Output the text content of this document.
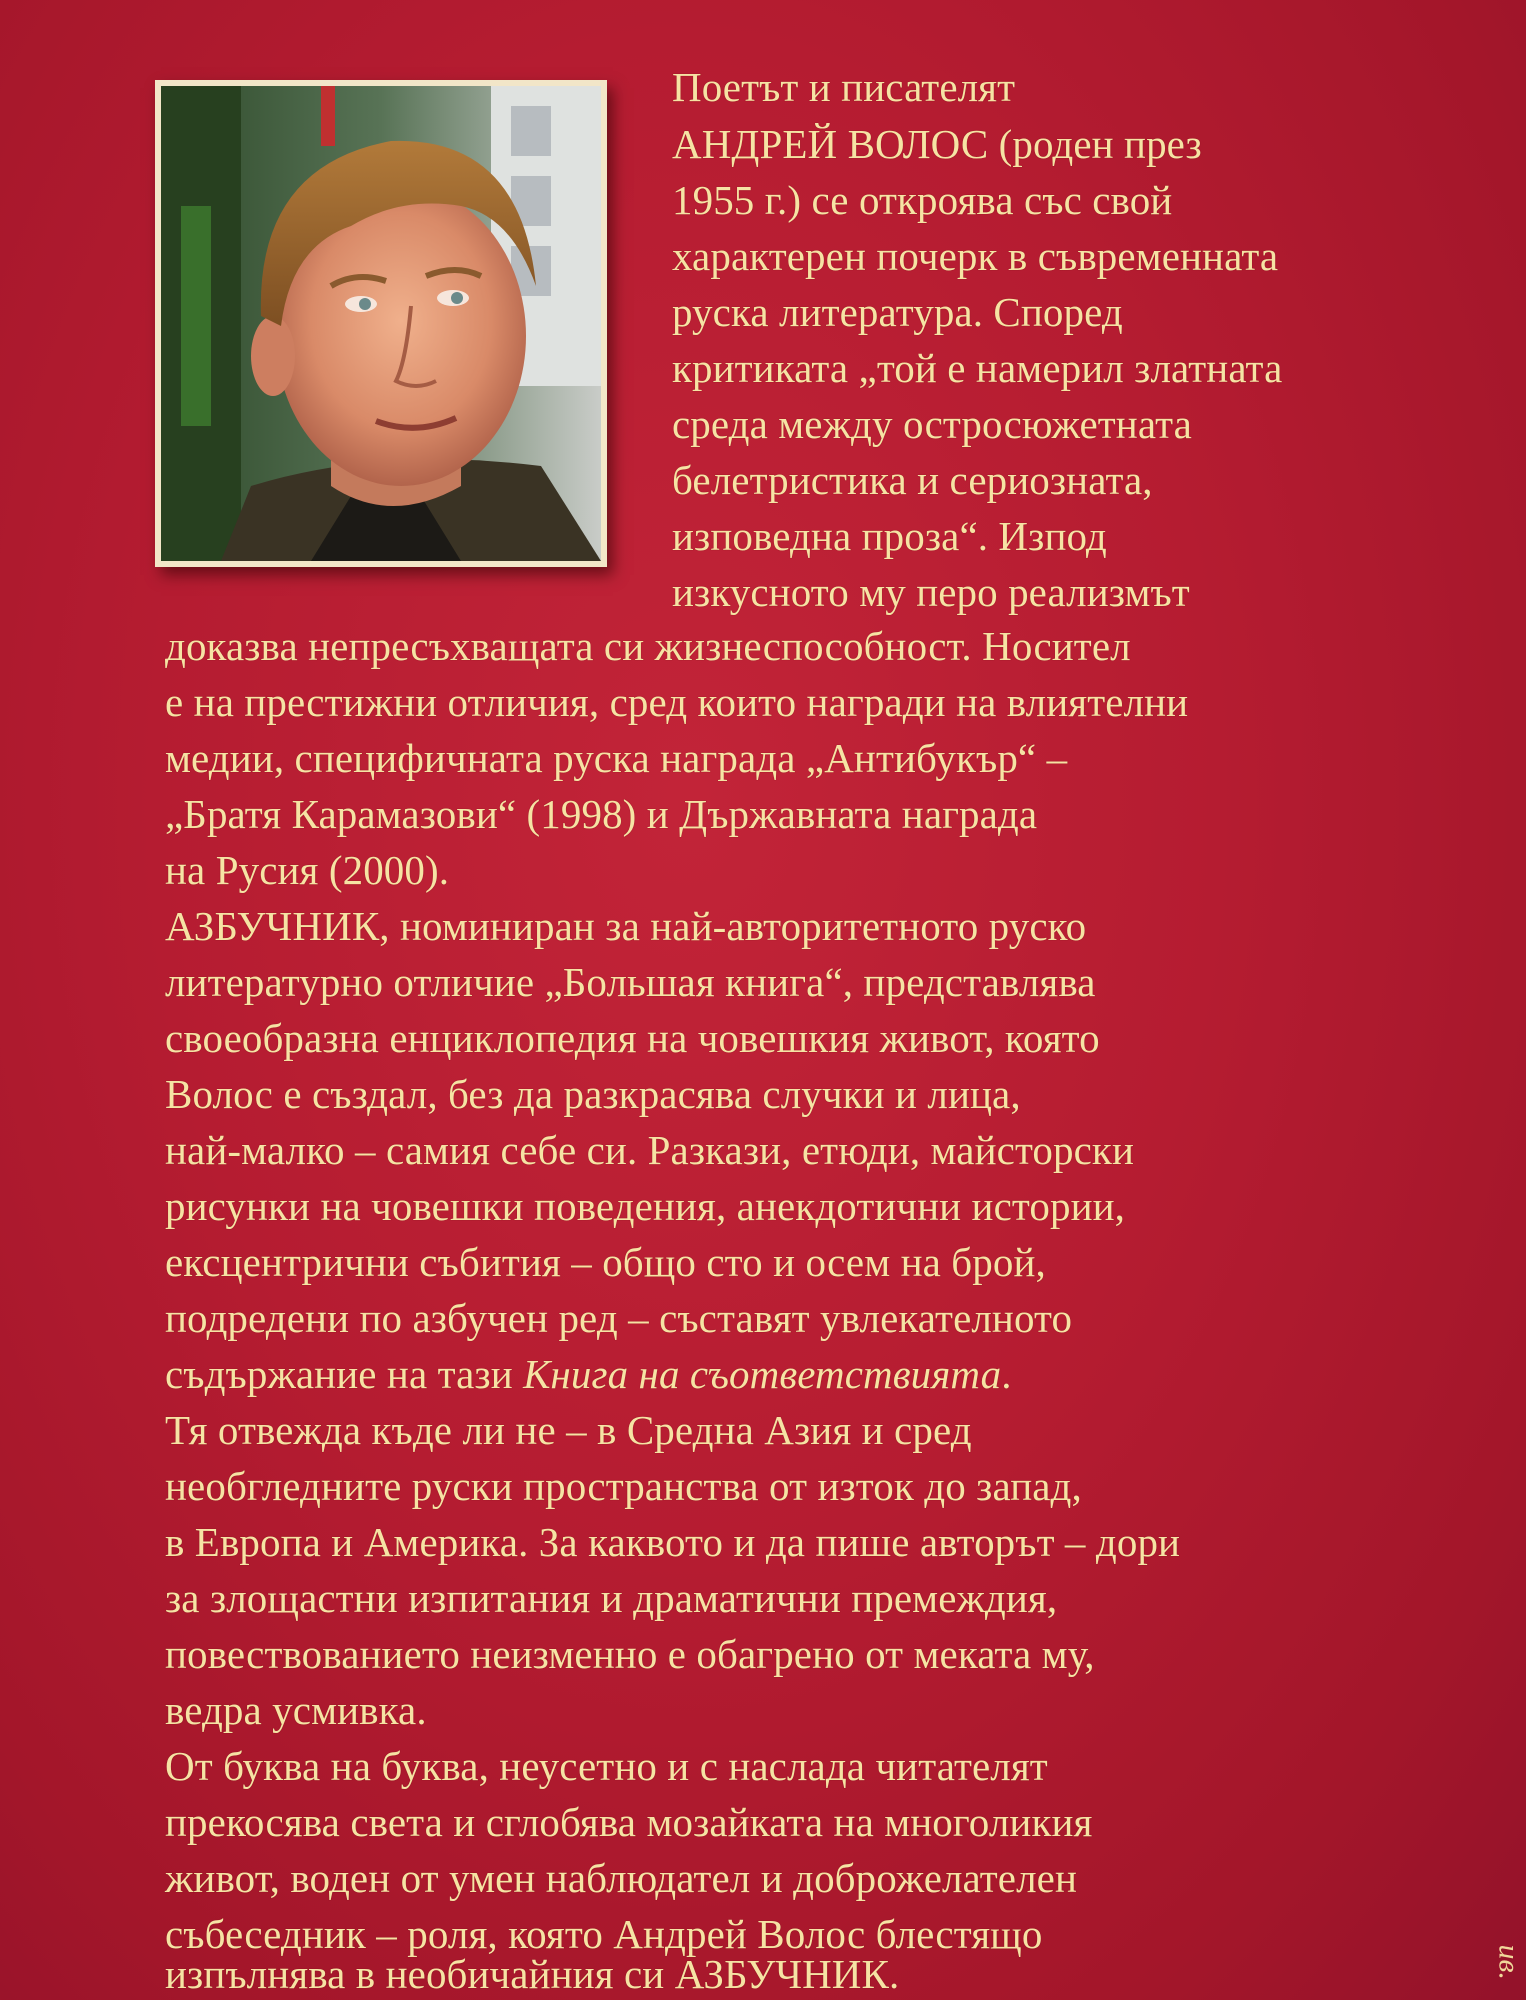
Поетът и писателят
АНДРЕЙ ВОЛОС (роден през
1955 г.) се откроява със свой
характерен почерк в съвременната
руска литература. Според
критиката „той е намерил златната
среда между остросюжетната
белетристика и сериозната,
изповедна проза“. Изпод
изкусното му перо реализмът
доказва непресъхващата си жизнеспособност. Носител
е на престижни отличия, сред които награди на влиятелни
медии, специфичната руска награда „Антибукър“ –
„Братя Карамазови“ (1998) и Държавната награда
на Русия (2000).
АЗБУЧНИК, номиниран за най-авторитетното руско
литературно отличие „Большая книга“, представлява
своеобразна енциклопедия на човешкия живот, която
Волос е създал, без да разкрасява случки и лица,
най-малко – самия себе си. Разкази, етюди, майсторски
рисунки на човешки поведения, анекдотични истории,
ексцентрични събития – общо сто и осем на брой,
подредени по азбучен ред – съставят увлекателното
съдържание на тази Книга на съответствията.
Тя отвежда къде ли не – в Средна Азия и сред
необгледните руски пространства от изток до запад,
в Европа и Америка. За каквото и да пише авторът – дори
за злощастни изпитания и драматични премеждия,
повествованието неизменно е обагрено от меката му,
ведра усмивка.
От буква на буква, неусетно и с наслада читателят
прекосява света и сглобява мозайката на многоликия
живот, воден от умен наблюдател и доброжелателен
събеседник – роля, която Андрей Волос блестящо
изпълнява в необичайния си АЗБУЧНИК.	ив.
